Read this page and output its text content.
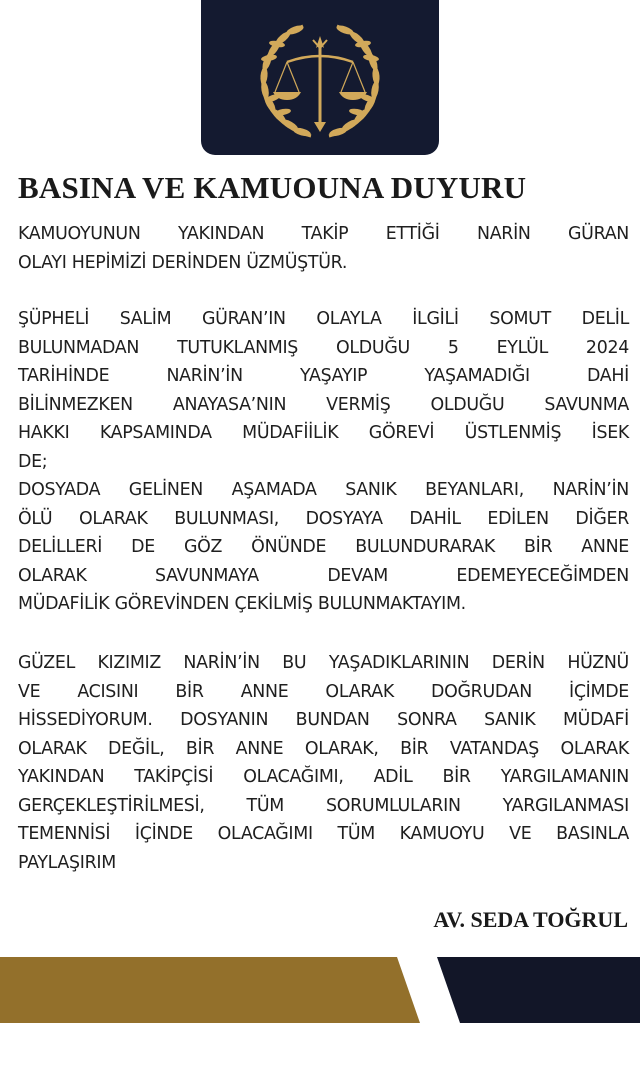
BASINA VE KAMUOUNA DUYURU
KAMUOYUNUN YAKINDAN TAKİP ETTİĞİ NARİN GÜRAN
OLAYI HEPİMİZİ DERİNDEN ÜZMÜŞTÜR.
ŞÜPHELİ SALİM GÜRAN’IN OLAYLA İLGİLİ SOMUT DELİL
BULUNMADAN TUTUKLANMIŞ OLDUĞU 5 EYLÜL 2024
TARİHİNDE NARİN’İN YAŞAYIP YAŞAMADIĞI DAHİ
BİLİNMEZKEN ANAYASA’NIN VERMİŞ OLDUĞU SAVUNMA
HAKKI KAPSAMINDA MÜDAFİİLİK GÖREVİ ÜSTLENMİŞ İSEK
DE;
DOSYADA GELİNEN AŞAMADA SANIK BEYANLARI, NARİN’İN
ÖLÜ OLARAK BULUNMASI, DOSYAYA DAHİL EDİLEN DİĞER
DELİLLERİ DE GÖZ ÖNÜNDE BULUNDURARAK BİR ANNE
OLARAK SAVUNMAYA DEVAM EDEMEYECEĞİMDEN
MÜDAFİLİK GÖREVİNDEN ÇEKİLMİŞ BULUNMAKTAYIM.
GÜZEL KIZIMIZ NARİN’İN BU YAŞADIKLARININ DERİN HÜZNÜ
VE ACISINI BİR ANNE OLARAK DOĞRUDAN İÇİMDE
HİSSEDİYORUM. DOSYANIN BUNDAN SONRA SANIK MÜDAFİ
OLARAK DEĞİL, BİR ANNE OLARAK, BİR VATANDAŞ OLARAK
YAKINDAN TAKİPÇİSİ OLACAĞIMI, ADİL BİR YARGILAMANIN
GERÇEKLEŞTİRİLMESİ, TÜM SORUMLULARIN YARGILANMASI
TEMENNİSİ İÇİNDE OLACAĞIMI TÜM KAMUOYU VE BASINLA
PAYLAŞIRIM
AV. SEDA TOĞRUL
